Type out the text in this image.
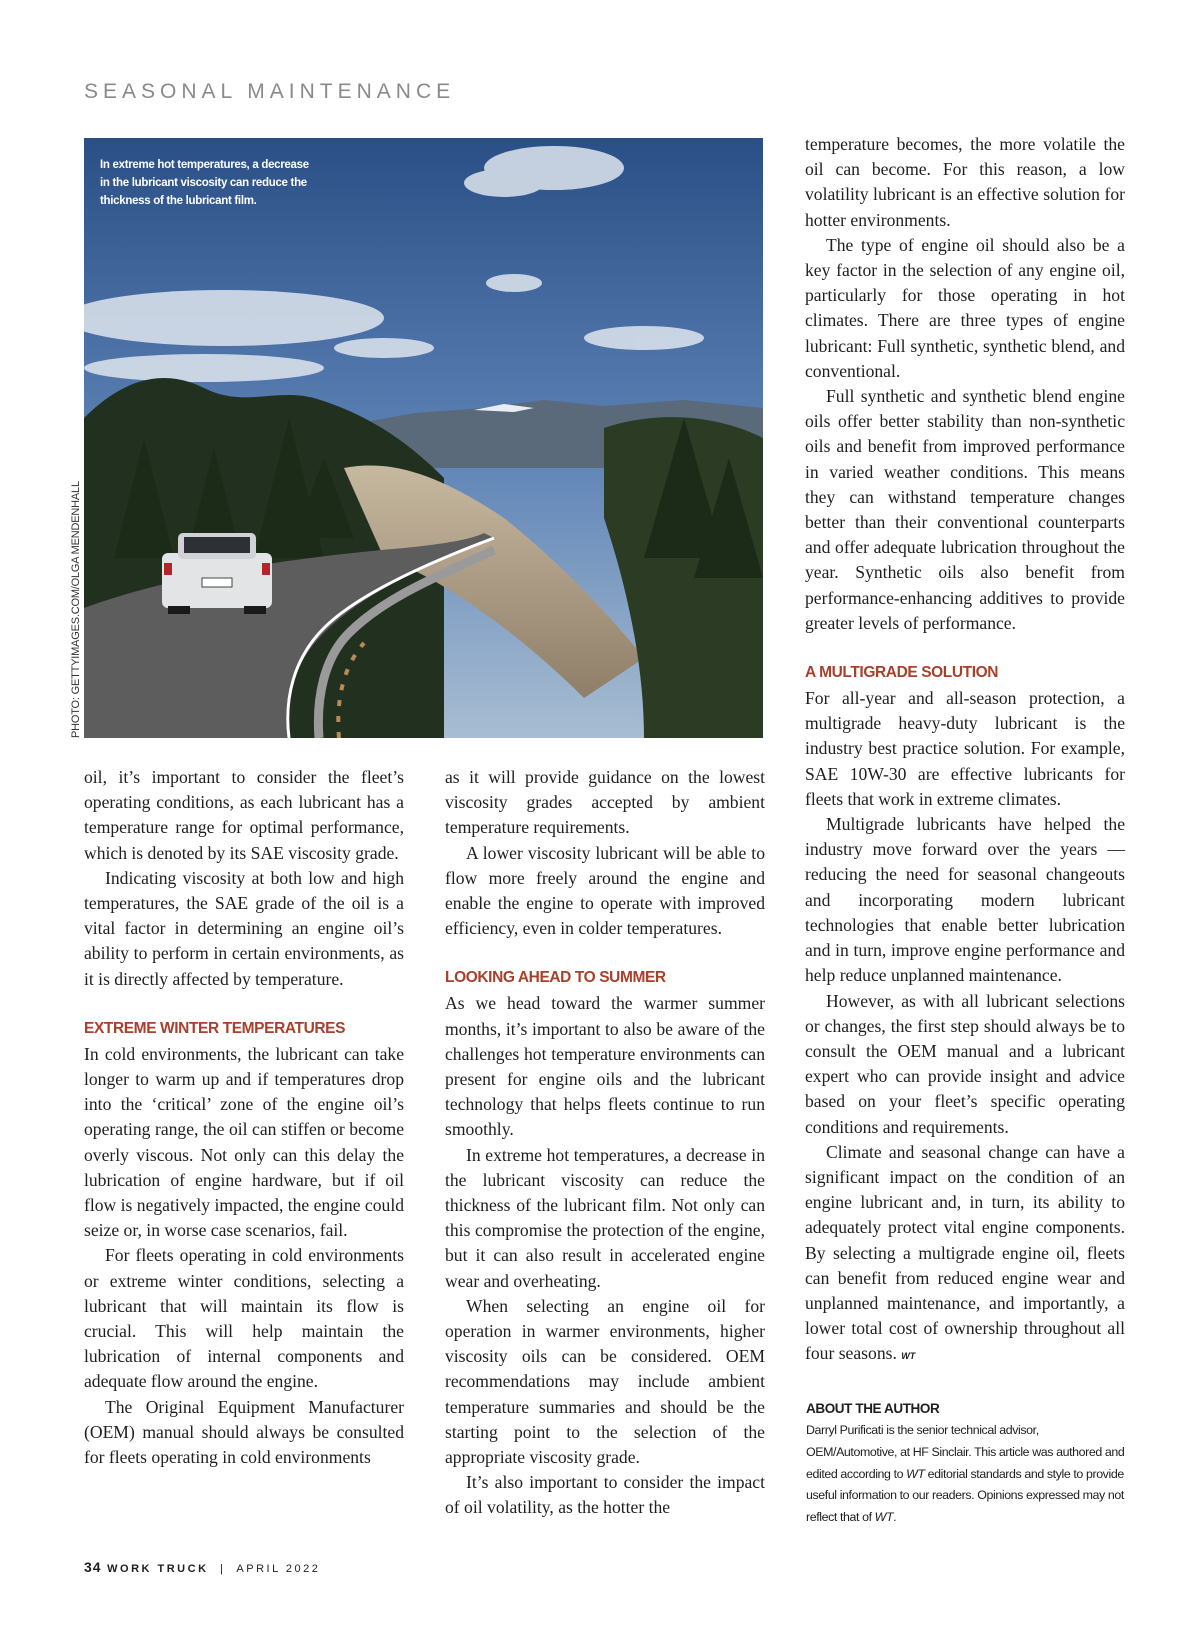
SEASONAL MAINTENANCE

In extreme hot temperatures, a decrease in the lubricant viscosity can reduce the thickness of the lubricant film.

PHOTO: GETTYIMAGES.COM/OLGA MENDENHALL

oil, it’s important to consider the fleet’s operating conditions, as each lubricant has a temperature range for optimal performance, which is denoted by its SAE viscosity grade.

Indicating viscosity at both low and high temperatures, the SAE grade of the oil is a vital factor in determining an engine oil’s ability to perform in certain environments, as it is directly affected by temperature.

EXTREME WINTER TEMPERATURES

In cold environments, the lubricant can take longer to warm up and if temperatures drop into the ‘critical’ zone of the engine oil’s operating range, the oil can stiffen or become overly viscous. Not only can this delay the lubrication of engine hardware, but if oil flow is negatively impacted, the engine could seize or, in worse case scenarios, fail.

For fleets operating in cold environments or extreme winter conditions, selecting a lubricant that will maintain its flow is crucial. This will help maintain the lubrication of internal components and adequate flow around the engine.

The Original Equipment Manufacturer (OEM) manual should always be consulted for fleets operating in cold environments

as it will provide guidance on the lowest viscosity grades accepted by ambient temperature requirements.

A lower viscosity lubricant will be able to flow more freely around the engine and enable the engine to operate with improved efficiency, even in colder temperatures.

LOOKING AHEAD TO SUMMER

As we head toward the warmer summer months, it’s important to also be aware of the challenges hot temperature environments can present for engine oils and the lubricant technology that helps fleets continue to run smoothly.

In extreme hot temperatures, a decrease in the lubricant viscosity can reduce the thickness of the lubricant film. Not only can this compromise the protection of the engine, but it can also result in accelerated engine wear and overheating.

When selecting an engine oil for operation in warmer environments, higher viscosity oils can be considered. OEM recommendations may include ambient temperature summaries and should be the starting point to the selection of the appropriate viscosity grade.

It’s also important to consider the impact of oil volatility, as the hotter the

temperature becomes, the more volatile the oil can become. For this reason, a low volatility lubricant is an effective solution for hotter environments.

The type of engine oil should also be a key factor in the selection of any engine oil, particularly for those operating in hot climates. There are three types of engine lubricant: Full synthetic, synthetic blend, and conventional.

Full synthetic and synthetic blend engine oils offer better stability than non-synthetic oils and benefit from improved performance in varied weather conditions. This means they can withstand temperature changes better than their conventional counterparts and offer adequate lubrication throughout the year. Synthetic oils also benefit from performance-enhancing additives to provide greater levels of performance.

A MULTIGRADE SOLUTION

For all-year and all-season protection, a multigrade heavy-duty lubricant is the industry best practice solution. For example, SAE 10W-30 are effective lubricants for fleets that work in extreme climates.

Multigrade lubricants have helped the industry move forward over the years — reducing the need for seasonal changeouts and incorporating modern lubricant technologies that enable better lubrication and in turn, improve engine performance and help reduce unplanned maintenance.

However, as with all lubricant selections or changes, the first step should always be to consult the OEM manual and a lubricant expert who can provide insight and advice based on your fleet’s specific operating conditions and requirements.

Climate and seasonal change can have a significant impact on the condition of an engine lubricant and, in turn, its ability to adequately protect vital engine components. By selecting a multigrade engine oil, fleets can benefit from reduced engine wear and unplanned maintenance, and importantly, a lower total cost of ownership throughout all four seasons. WT

ABOUT THE AUTHOR

Darryl Purificati is the senior technical advisor, OEM/Automotive, at HF Sinclair. This article was authored and edited according to WT editorial standards and style to provide useful information to our readers. Opinions expressed may not reflect that of WT.

34 WORK TRUCK | APRIL 2022
